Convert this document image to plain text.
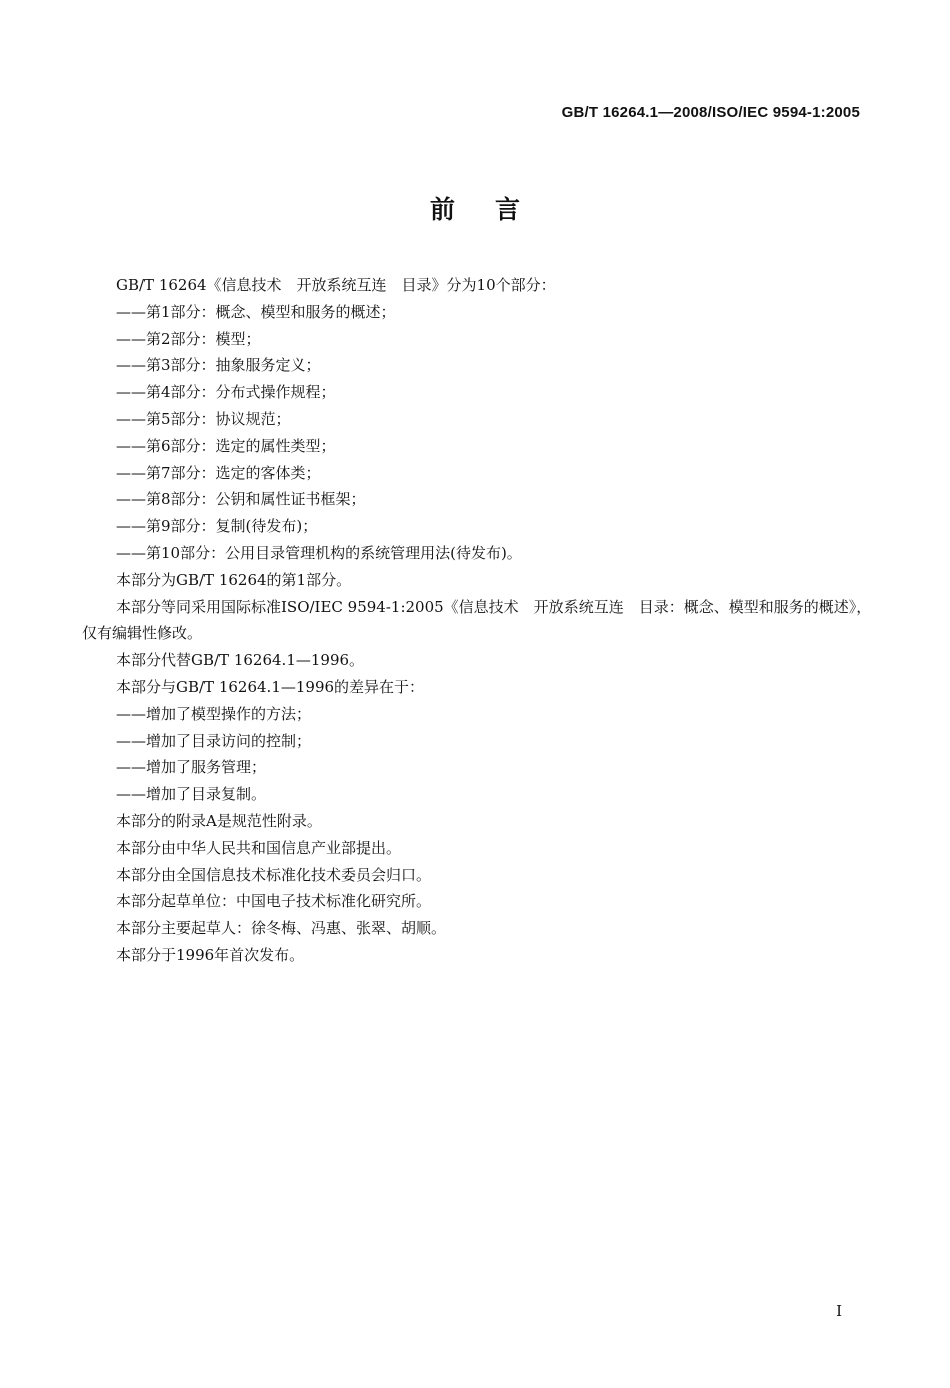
GB/T 16264.1—2008/ISO/IEC 9594-1:2005
前言

GB/T 16264《信息技术　开放系统互连　目录》分为10个部分：

——第1部分：概念、模型和服务的概述；

——第2部分：模型；

——第3部分：抽象服务定义；

——第4部分：分布式操作规程；

——第5部分：协议规范；

——第6部分：选定的属性类型；

——第7部分：选定的客体类；

——第8部分：公钥和属性证书框架；

——第9部分：复制(待发布)；

——第10部分：公用目录管理机构的系统管理用法(待发布)。

本部分为GB/T 16264的第1部分。

本部分等同采用国际标准ISO/IEC 9594-1:2005《信息技术　开放系统互连　目录：概念、模型和服务的概述》，仅有编辑性修改。

本部分代替GB/T 16264.1—1996。

本部分与GB/T 16264.1—1996的差异在于：

——增加了模型操作的方法；

——增加了目录访问的控制；

——增加了服务管理；

——增加了目录复制。

本部分的附录A是规范性附录。

本部分由中华人民共和国信息产业部提出。

本部分由全国信息技术标准化技术委员会归口。

本部分起草单位：中国电子技术标准化研究所。

本部分主要起草人：徐冬梅、冯惠、张翠、胡顺。

本部分于1996年首次发布。

I
